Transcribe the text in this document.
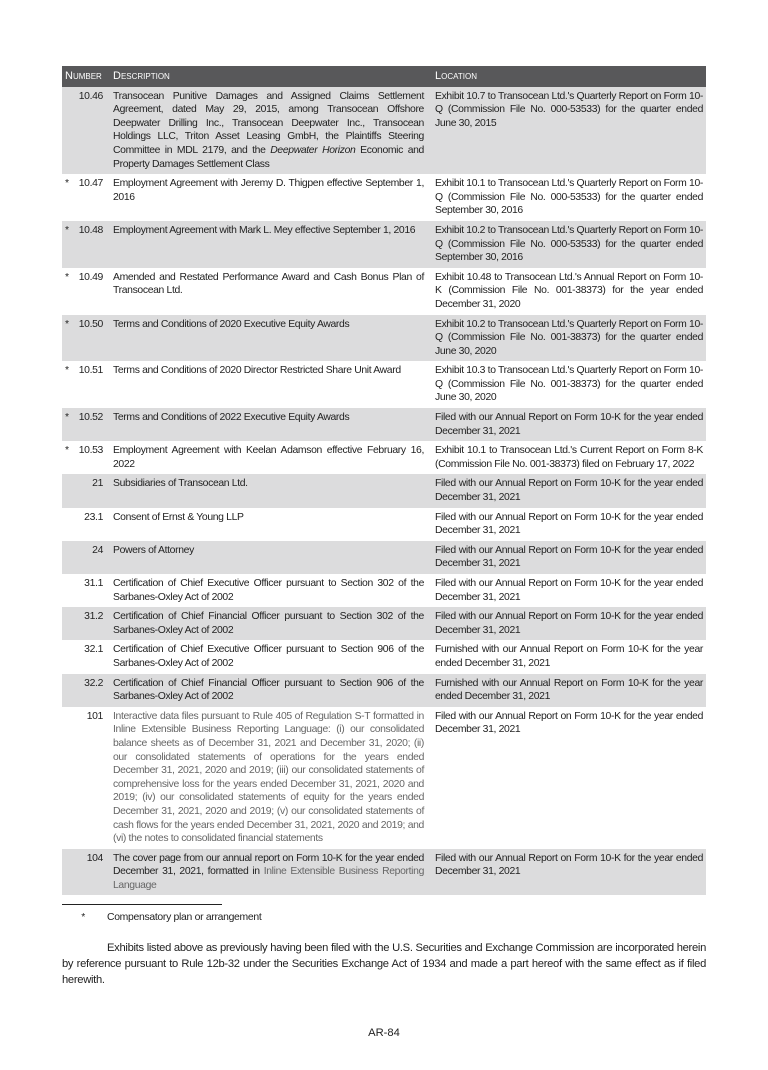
Number	Description	Location
10.46	Transocean Punitive Damages and Assigned Claims Settlement Agreement, dated May 29, 2015, among Transocean Offshore Deepwater Drilling Inc., Transocean Deepwater Inc., Transocean Holdings LLC, Triton Asset Leasing GmbH, the Plaintiffs Steering Committee in MDL 2179, and the Deepwater Horizon Economic and Property Damages Settlement Class	Exhibit 10.7 to Transocean Ltd.'s Quarterly Report on Form 10-Q (Commission File No. 000-53533) for the quarter ended June 30, 2015
* 10.47	Employment Agreement with Jeremy D. Thigpen effective September 1, 2016	Exhibit 10.1 to Transocean Ltd.'s Quarterly Report on Form 10-Q (Commission File No. 000-53533) for the quarter ended September 30, 2016
* 10.48	Employment Agreement with Mark L. Mey effective September 1, 2016	Exhibit 10.2 to Transocean Ltd.'s Quarterly Report on Form 10-Q (Commission File No. 000-53533) for the quarter ended September 30, 2016
* 10.49	Amended and Restated Performance Award and Cash Bonus Plan of Transocean Ltd.	Exhibit 10.48 to Transocean Ltd.'s Annual Report on Form 10-K (Commission File No. 001-38373) for the year ended December 31, 2020
* 10.50	Terms and Conditions of 2020 Executive Equity Awards	Exhibit 10.2 to Transocean Ltd.'s Quarterly Report on Form 10-Q (Commission File No. 001-38373) for the quarter ended June 30, 2020
* 10.51	Terms and Conditions of 2020 Director Restricted Share Unit Award	Exhibit 10.3 to Transocean Ltd.'s Quarterly Report on Form 10-Q (Commission File No. 001-38373) for the quarter ended June 30, 2020
* 10.52	Terms and Conditions of 2022 Executive Equity Awards	Filed with our Annual Report on Form 10-K for the year ended December 31, 2021
* 10.53	Employment Agreement with Keelan Adamson effective February 16, 2022	Exhibit 10.1 to Transocean Ltd.'s Current Report on Form 8-K (Commission File No. 001-38373) filed on February 17, 2022
21	Subsidiaries of Transocean Ltd.	Filed with our Annual Report on Form 10-K for the year ended December 31, 2021
23.1	Consent of Ernst & Young LLP	Filed with our Annual Report on Form 10-K for the year ended December 31, 2021
24	Powers of Attorney	Filed with our Annual Report on Form 10-K for the year ended December 31, 2021
31.1	Certification of Chief Executive Officer pursuant to Section 302 of the Sarbanes-Oxley Act of 2002	Filed with our Annual Report on Form 10-K for the year ended December 31, 2021
31.2	Certification of Chief Financial Officer pursuant to Section 302 of the Sarbanes-Oxley Act of 2002	Filed with our Annual Report on Form 10-K for the year ended December 31, 2021
32.1	Certification of Chief Executive Officer pursuant to Section 906 of the Sarbanes-Oxley Act of 2002	Furnished with our Annual Report on Form 10-K for the year ended December 31, 2021
32.2	Certification of Chief Financial Officer pursuant to Section 906 of the Sarbanes-Oxley Act of 2002	Furnished with our Annual Report on Form 10-K for the year ended December 31, 2021
101	Interactive data files pursuant to Rule 405 of Regulation S-T formatted in Inline Extensible Business Reporting Language: (i) our consolidated balance sheets as of December 31, 2021 and December 31, 2020; (ii) our consolidated statements of operations for the years ended December 31, 2021, 2020 and 2019; (iii) our consolidated statements of comprehensive loss for the years ended December 31, 2021, 2020 and 2019; (iv) our consolidated statements of equity for the years ended December 31, 2021, 2020 and 2019; (v) our consolidated statements of cash flows for the years ended December 31, 2021, 2020 and 2019; and (vi) the notes to consolidated financial statements	Filed with our Annual Report on Form 10-K for the year ended December 31, 2021
104	The cover page from our annual report on Form 10-K for the year ended December 31, 2021, formatted in Inline Extensible Business Reporting Language	Filed with our Annual Report on Form 10-K for the year ended December 31, 2021
* Compensatory plan or arrangement
Exhibits listed above as previously having been filed with the U.S. Securities and Exchange Commission are incorporated herein by reference pursuant to Rule 12b-32 under the Securities Exchange Act of 1934 and made a part hereof with the same effect as if filed herewith.
AR-84
